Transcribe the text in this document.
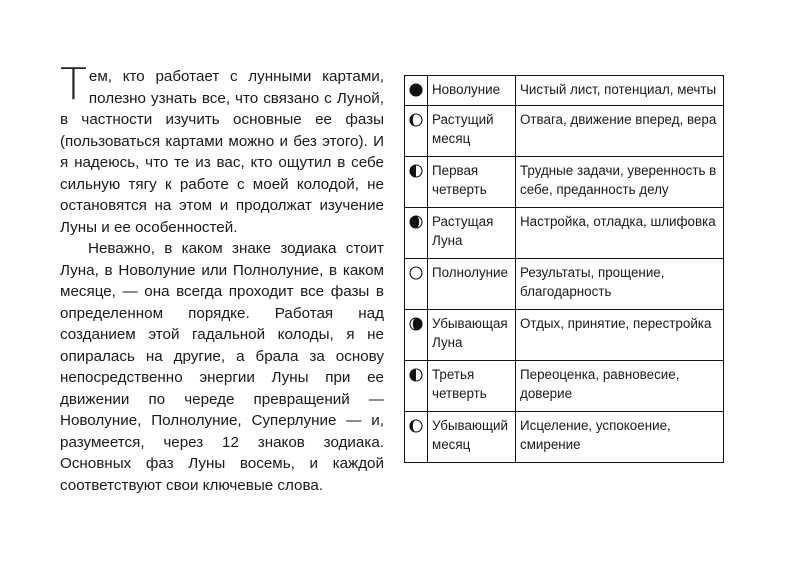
Тем, кто работает с лунными картами, полезно узнать все, что связано с Луной, в частности изучить основные ее фазы (пользоваться картами можно и без этого). И я надеюсь, что те из вас, кто ощутил в себе сильную тягу к работе с моей колодой, не остановятся на этом и продолжат изучение Луны и ее особенностей.

Неважно, в каком знаке зодиака стоит Луна, в Новолуние или Полнолуние, в каком месяце, — она всегда проходит все фазы в определенном порядке. Работая над созданием этой гадальной колоды, я не опиралась на другие, а брала за основу непосредственно энергии Луны при ее движении по череде превращений — Новолуние, Полнолуние, Суперлуние — и, разумеется, через 12 знаков зодиака. Основных фаз Луны восемь, и каждой соответствуют свои ключевые слова.

	Новолуние	Чистый лист, потенциал, мечты

	Растущий месяц	Отвага, движение вперед, вера

	Первая четверть	Трудные задачи, уверенность в себе, преданность делу

	Растущая Луна	Настройка, отладка, шлифовка

	Полнолуние	Результаты, прощение, благодарность

	Убывающая Луна	Отдых, принятие, перестройка

	Третья четверть	Переоценка, равновесие, доверие

	Убывающий месяц	Исцеление, успокоение, смирение
